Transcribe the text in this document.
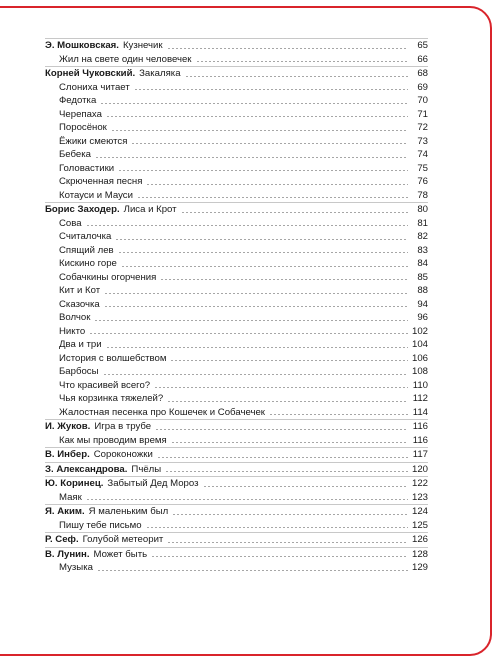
Э. Мошковская. Кузнечик	65
Жил на свете один человечек	66
Корней Чуковский. Закаляка	68
Слониха читает	69
Федотка	70
Черепаха	71
Поросёнок	72
Ёжики смеются	73
Бебека	74
Головастики	75
Скрюченная песня	76
Котауси и Мауси	78
Борис Заходер. Лиса и Крот	80
Сова	81
Считалочка	82
Спящий лев	83
Кискино горе	84
Собачкины огорчения	85
Кит и Кот	88
Сказочка	94
Волчок	96
Никто	102
Два и три	104
История с волшебством	106
Барбосы	108
Что красивей всего?	110
Чья корзинка тяжелей?	112
Жалостная песенка про Кошечек и Собачечек	114
И. Жуков. Игра в трубе	116
Как мы проводим время	116
В. Инбер. Сороконожки	117
З. Александрова. Пчёлы	120
Ю. Коринец. Забытый Дед Мороз	122
Маяк	123
Я. Аким. Я маленьким был	124
Пишу тебе письмо	125
Р. Сеф. Голубой метеорит	126
В. Лунин. Может быть	128
Музыка	129
